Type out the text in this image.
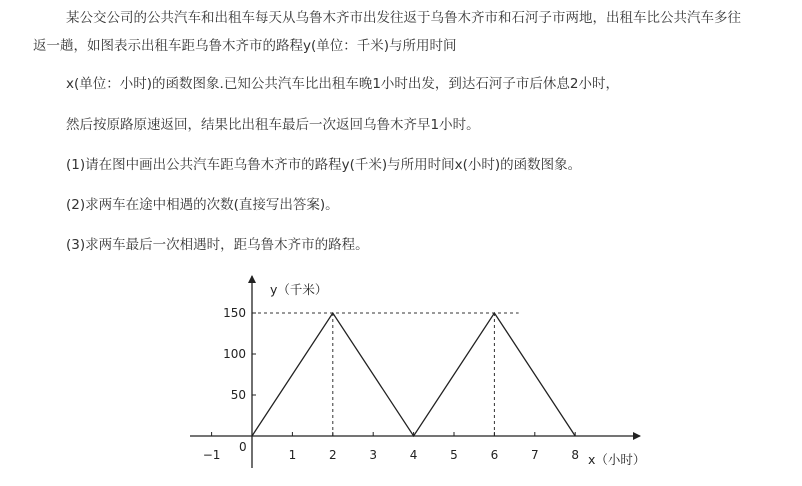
某公交公司的公共汽车和出租车每天从乌鲁木齐市出发往返于乌鲁木齐市和石河子市两地，出租车比公共汽车多往

返一趟，如图表示出租车距乌鲁木齐市的路程y(单位：千米)与所用时间

x(单位：小时)的函数图象.已知公共汽车比出租车晚1小时出发，到达石河子市后休息2小时，

然后按原路原速返回，结果比出租车最后一次返回乌鲁木齐早1小时。

(1)请在图中画出公共汽车距乌鲁木齐市的路程y(千米)与所用时间x(小时)的函数图象。

(2)求两车在途中相遇的次数(直接写出答案)。

(3)求两车最后一次相遇时，距乌鲁木齐市的路程。

−1	1	2	3	4	5	6	7	8
50
100
150
y（千米）
x（小时）
0
